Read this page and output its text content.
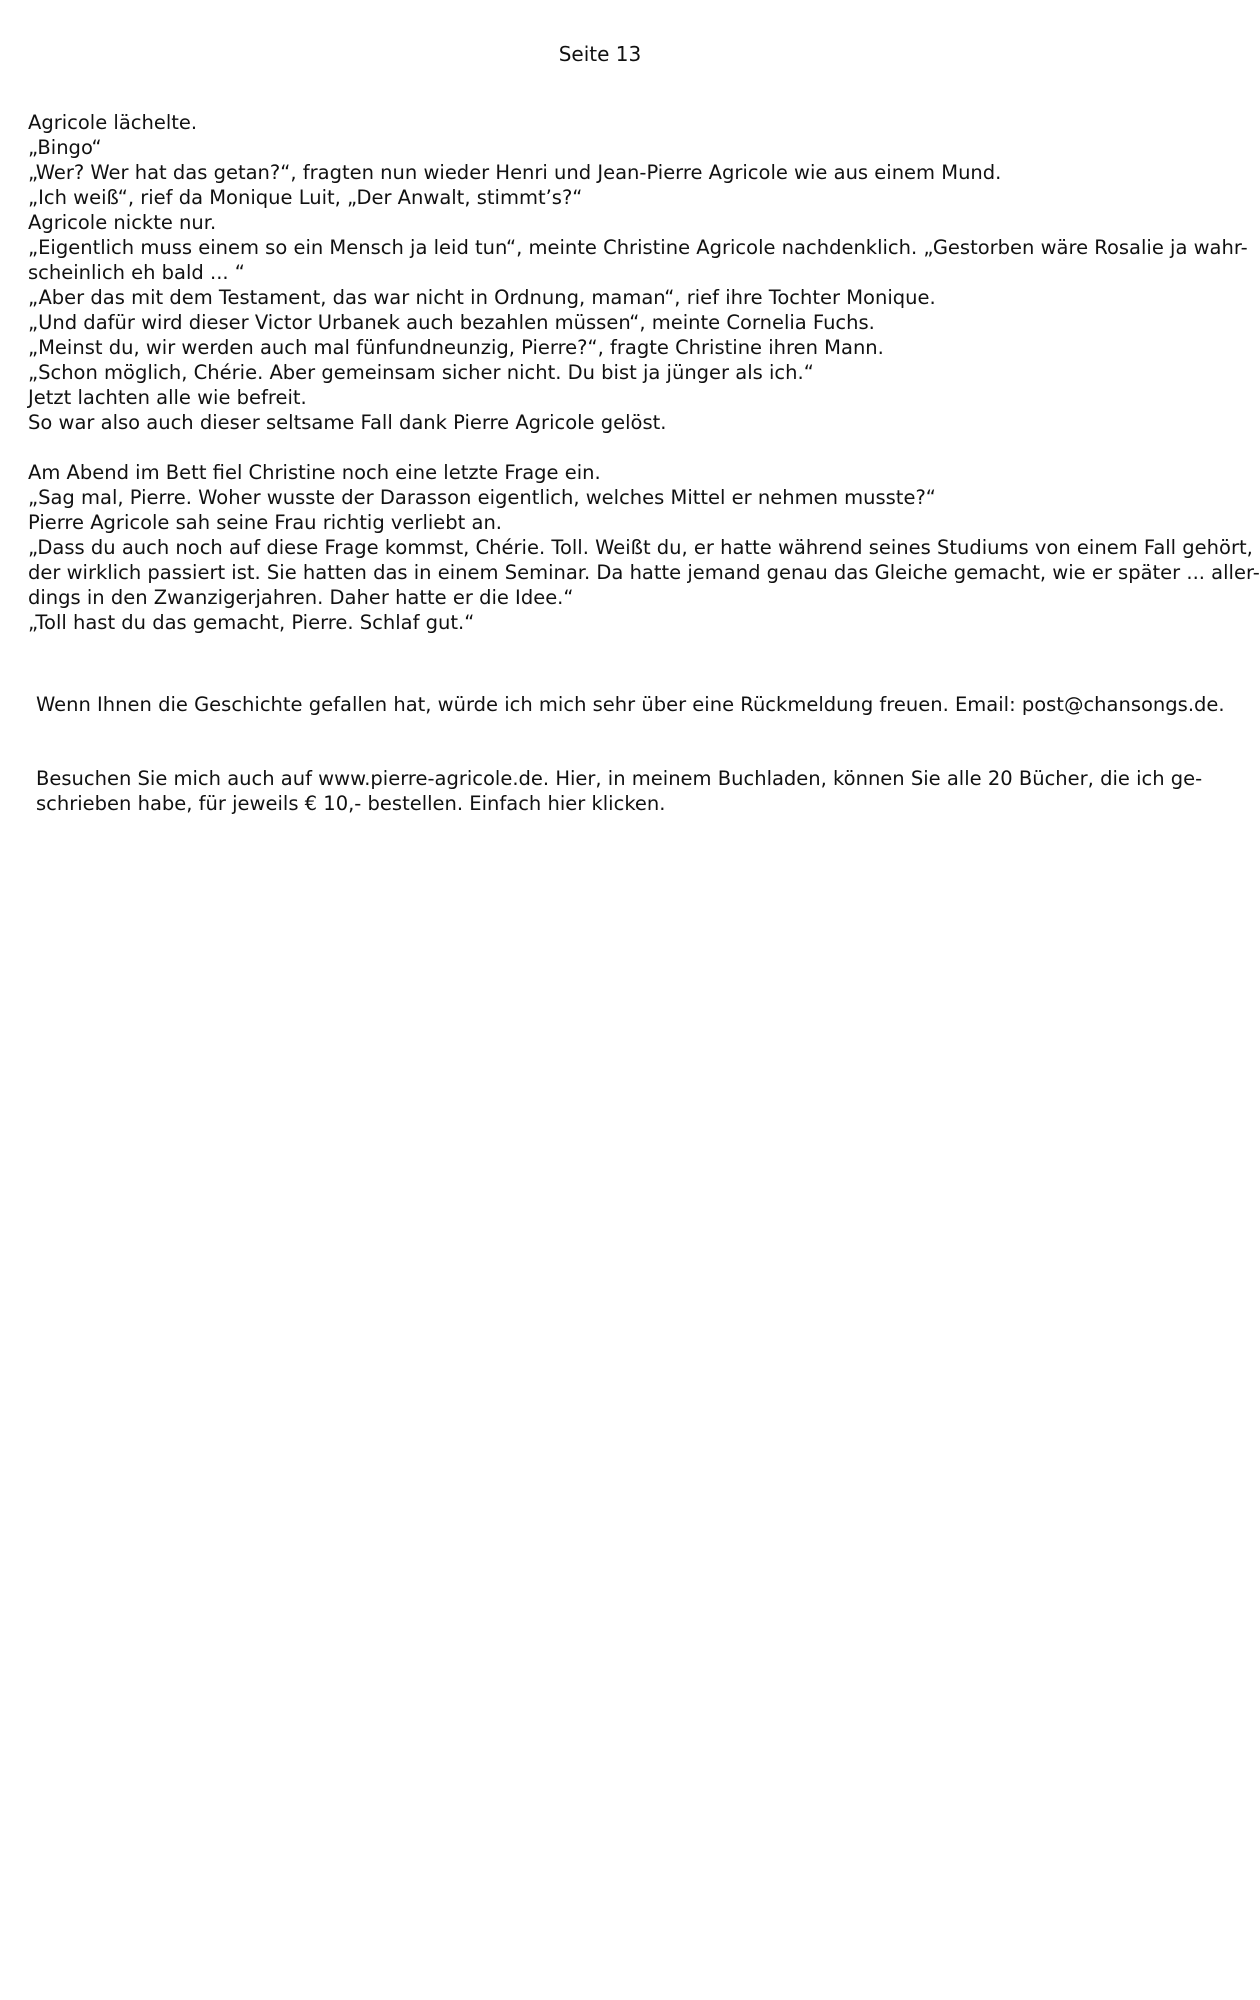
Seite 13
Agricole lächelte.
„Bingo“
„Wer? Wer hat das getan?“, fragten nun wieder Henri und Jean-Pierre Agricole wie aus einem Mund.
„Ich weiß“, rief da Monique Luit, „Der Anwalt, stimmt’s?“
Agricole nickte nur.
„Eigentlich muss einem so ein Mensch ja leid tun“, meinte Christine Agricole nachdenklich. „Gestorben wäre Rosalie ja wahr-
scheinlich eh bald ... “
„Aber das mit dem Testament, das war nicht in Ordnung, maman“, rief ihre Tochter Monique.
„Und dafür wird dieser Victor Urbanek auch bezahlen müssen“, meinte Cornelia Fuchs.
„Meinst du, wir werden auch mal fünfundneunzig, Pierre?“, fragte Christine ihren Mann.
„Schon möglich, Chérie. Aber gemeinsam sicher nicht. Du bist ja jünger als ich.“
Jetzt lachten alle wie befreit.
So war also auch dieser seltsame Fall dank Pierre Agricole gelöst.
Am Abend im Bett fiel Christine noch eine letzte Frage ein.
„Sag mal, Pierre. Woher wusste der Darasson eigentlich, welches Mittel er nehmen musste?“
Pierre Agricole sah seine Frau richtig verliebt an.
„Dass du auch noch auf diese Frage kommst, Chérie. Toll. Weißt du, er hatte während seines Studiums von einem Fall gehört,
der wirklich passiert ist. Sie hatten das in einem Seminar. Da hatte jemand genau das Gleiche gemacht, wie er später ... aller-
dings in den Zwanzigerjahren. Daher hatte er die Idee.“
„Toll hast du das gemacht, Pierre. Schlaf gut.“
Wenn Ihnen die Geschichte gefallen hat, würde ich mich sehr über eine Rückmeldung freuen. Email: post@chansongs.de.
Besuchen Sie mich auch auf www.pierre-agricole.de. Hier, in meinem Buchladen, können Sie alle 20 Bücher, die ich ge-
schrieben habe, für jeweils € 10,- bestellen. Einfach hier klicken.
